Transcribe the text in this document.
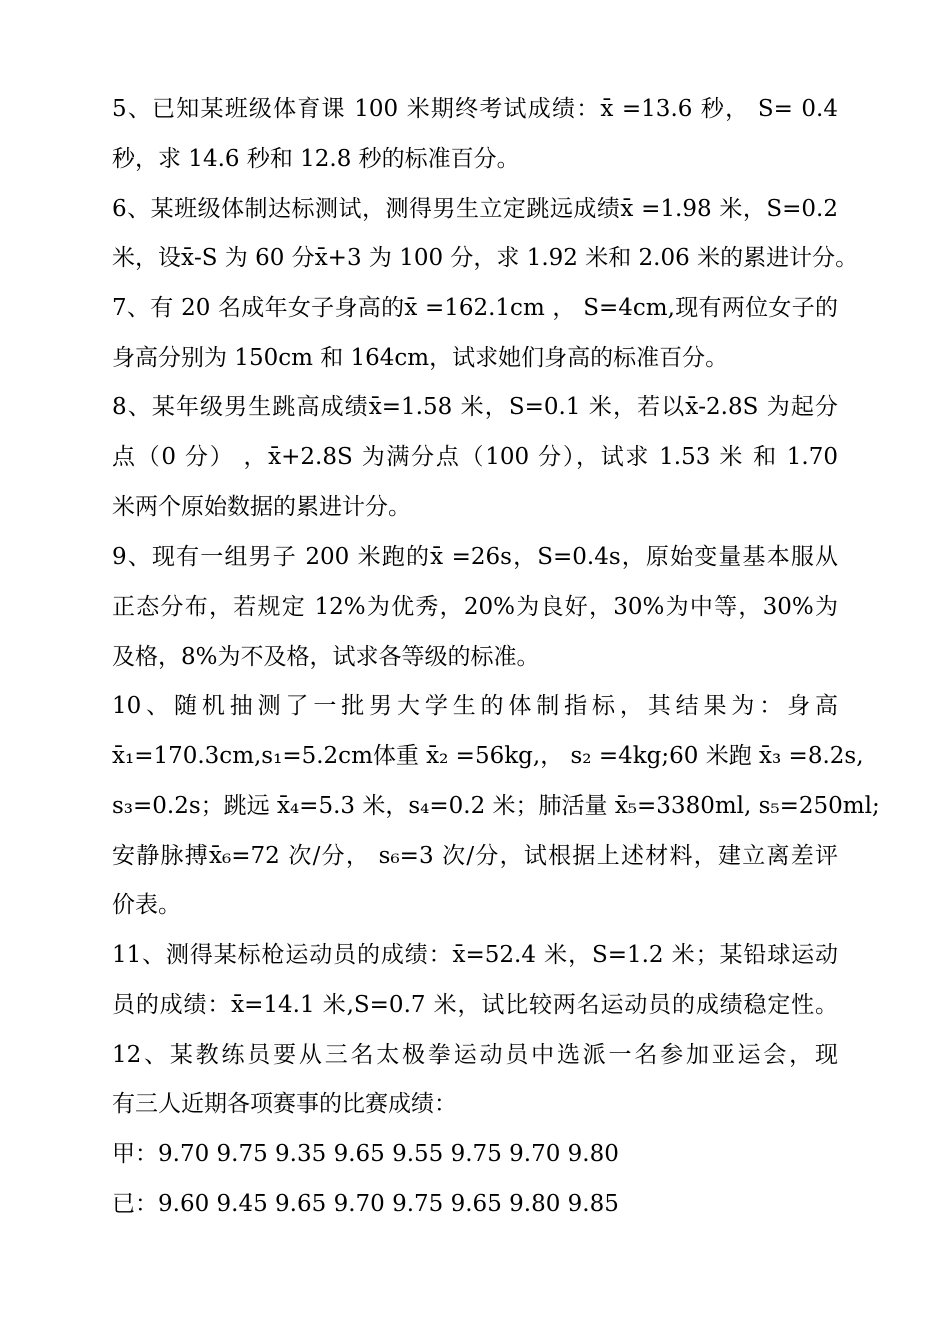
5、已知某班级体育课 100 米期终考试成绩：x̄ =13.6 秒， S= 0.4
秒，求 14.6 秒和 12.8 秒的标准百分。
6、某班级体制达标测试，测得男生立定跳远成绩x̄ =1.98 米，S=0.2
米，设x̄-S 为 60 分x̄+3 为 100 分，求 1.92 米和 2.06 米的累进计分。
7、有 20 名成年女子身高的x̄ =162.1cm ， S=4cm,现有两位女子的
身高分别为 150cm 和 164cm，试求她们身高的标准百分。
8、某年级男生跳高成绩x̄=1.58 米，S=0.1 米，若以x̄-2.8S 为起分
点（0 分） ，x̄+2.8S 为满分点（100 分），试求 1.53 米 和 1.70
米两个原始数据的累进计分。
9、现有一组男子 200 米跑的x̄ =26s，S=0.4s，原始变量基本服从
正态分布，若规定 12%为优秀，20%为良好，30%为中等，30%为
及格，8%为不及格，试求各等级的标准。
10、随机抽测了一批男大学生的体制指标，其结果为：身高
x̄₁=170.3cm,s₁=5.2cm体重 x̄₂ =56kg,， s₂ =4kg;60 米跑 x̄₃ =8.2s,
s₃=0.2s；跳远 x̄₄=5.3 米，s₄=0.2 米；肺活量 x̄₅=3380ml, s₅=250ml;
安静脉搏x̄₆=72 次/分， s₆=3 次/分，试根据上述材料，建立离差评
价表。
11、测得某标枪运动员的成绩：x̄=52.4 米，S=1.2 米；某铅球运动
员的成绩：x̄=14.1 米,S=0.7 米，试比较两名运动员的成绩稳定性。
12、某教练员要从三名太极拳运动员中选派一名参加亚运会，现
有三人近期各项赛事的比赛成绩：
甲：9.70 9.75 9.35 9.65 9.55 9.75 9.70 9.80
已：9.60 9.45 9.65 9.70 9.75 9.65 9.80 9.85
